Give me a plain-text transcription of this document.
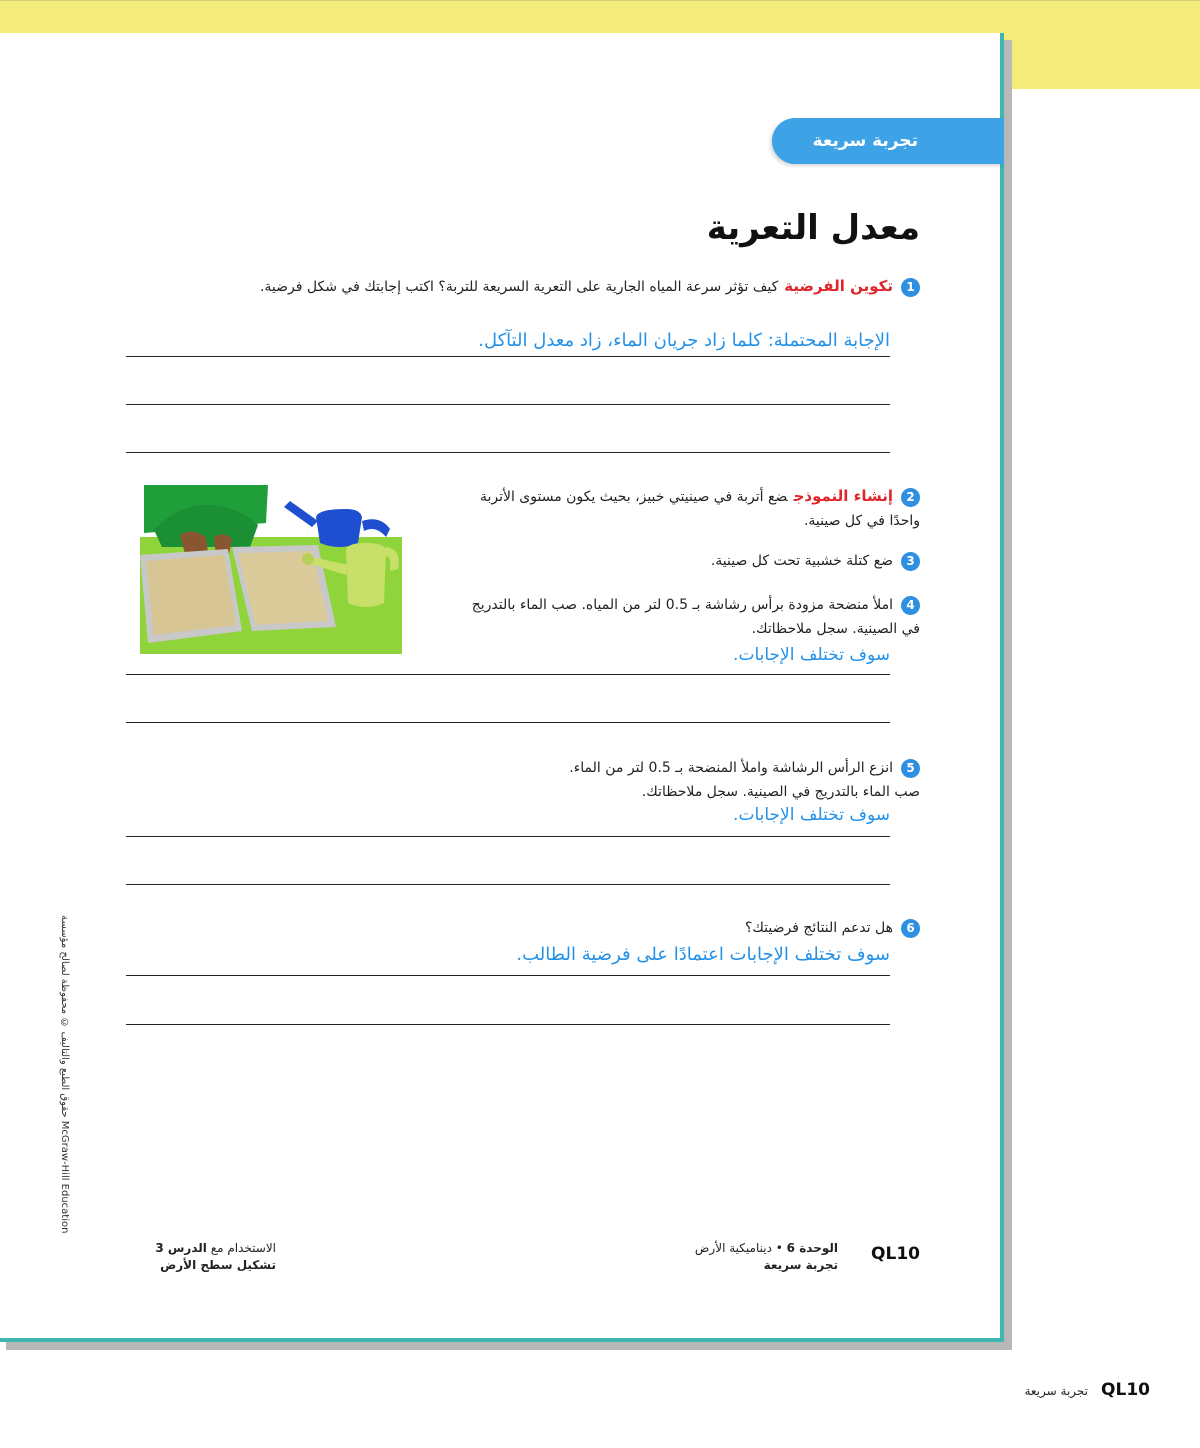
تجربة سريعة
معدل التعرية
1تكوين الفرضيةكيف تؤثر سرعة المياه الجارية على التعرية السريعة للتربة؟ اكتب إجابتك في شكل فرضية.
الإجابة المحتملة: كلما زاد جريان الماء، زاد معدل التآكل.
2إنشاء النموذجضع أتربة في صينيتي خبيز، بحيث يكون مستوى الأتربة واحدًا في كل صينية.
3ضع كتلة خشبية تحت كل صينية.
4املأ منضحة مزودة برأس رشاشة بـ 0.5 لتر من المياه. صب الماء بالتدريج في الصينية. سجل ملاحظاتك.
سوف تختلف الإجابات.
5انزع الرأس الرشاشة واملأ المنضحة بـ 0.5 لتر من الماء.
صب الماء بالتدريج في الصينية. سجل ملاحظاتك.
سوف تختلف الإجابات.
6هل تدعم النتائج فرضيتك؟
سوف تختلف الإجابات اعتمادًا على فرضية الطالب.
حقوق الطبع والتأليف © محفوظة لصالح مؤسسة McGraw-Hill Education
QL10
الوحدة 6 • ديناميكية الأرض
تجربة سريعة
الاستخدام مع الدرس 3
تشكيل سطح الأرض
QL10
تجربة سريعة
